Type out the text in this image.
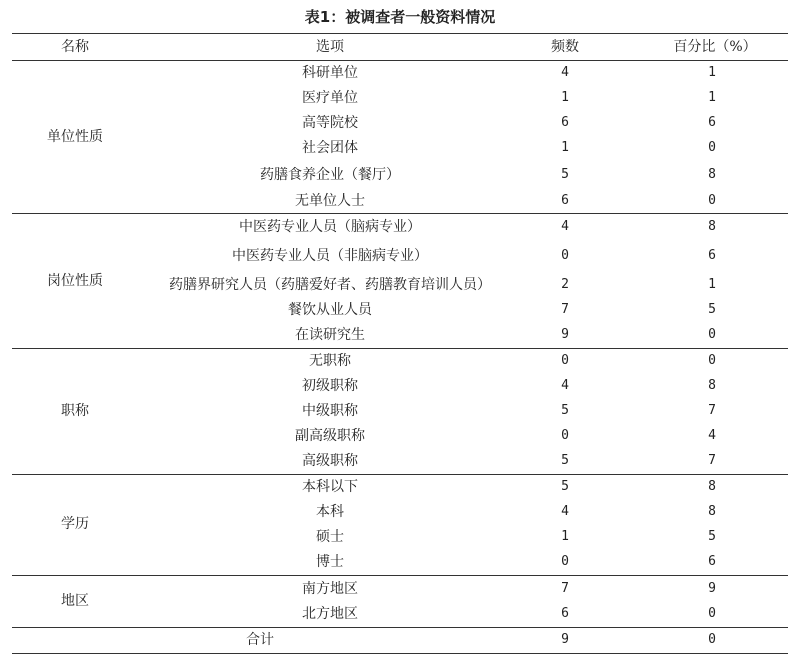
表1：被调查者一般资料情况
名称	选项	频数	百分比（%）
单位性质
科研单位	4	1
医疗单位	1	1
高等院校	6	6
社会团体	1	0
药膳食养企业（餐厅）	5	8
无单位人士	6	0
岗位性质
中医药专业人员（脑病专业）	4	8
中医药专业人员（非脑病专业）	0	6
药膳界研究人员（药膳爱好者、药膳教育培训人员）	2	1
餐饮从业人员	7	5
在读研究生	9	0
职称
无职称	0	0
初级职称	4	8
中级职称	5	7
副高级职称	0	4
高级职称	5	7
学历
本科以下	5	8
本科	4	8
硕士	1	5
博士	0	6
地区
南方地区	7	9
北方地区	6	0
合计	9	0
